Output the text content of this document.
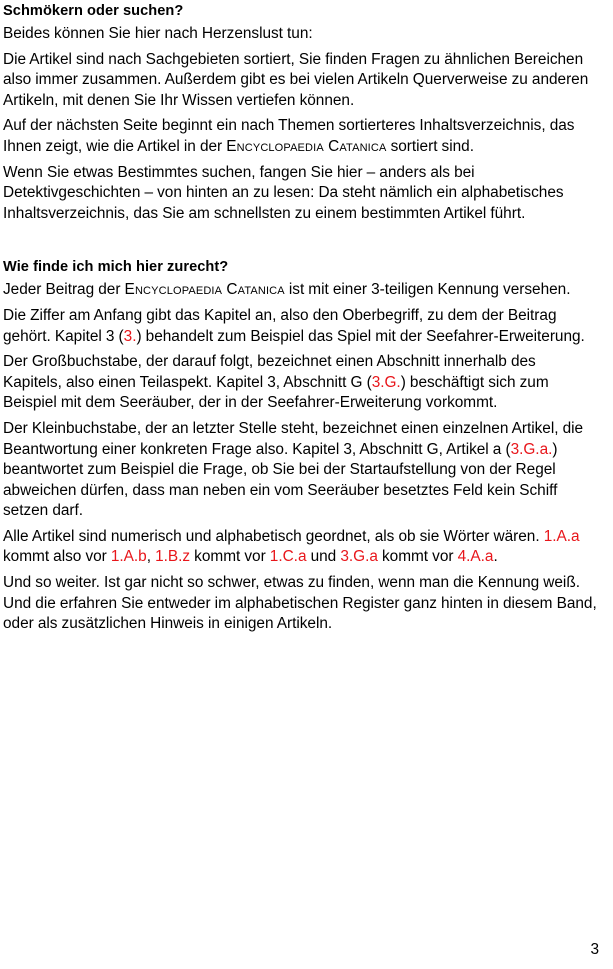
Schmökern oder suchen?

Beides können Sie hier nach Herzenslust tun:

Die Artikel sind nach Sachgebieten sortiert, Sie finden Fragen zu ähnlichen Bereichen also immer zusammen. Außerdem gibt es bei vielen Artikeln Querverweise zu anderen Artikeln, mit denen Sie Ihr Wissen vertiefen können.

Auf der nächsten Seite beginnt ein nach Themen sortierteres Inhaltsverzeichnis, das Ihnen zeigt, wie die Artikel in der Encyclopaedia Catanica sortiert sind.

Wenn Sie etwas Bestimmtes suchen, fangen Sie hier – anders als bei Detektivgeschichten – von hinten an zu lesen: Da steht nämlich ein alphabetisches Inhaltsverzeichnis, das Sie am schnellsten zu einem bestimmten Artikel führt.

Wie finde ich mich hier zurecht?

Jeder Beitrag der Encyclopaedia Catanica ist mit einer 3-teiligen Kennung versehen.

Die Ziffer am Anfang gibt das Kapitel an, also den Oberbegriff, zu dem der Beitrag gehört. Kapitel 3 (3.) behandelt zum Beispiel das Spiel mit der Seefahrer-Erweiterung.

Der Großbuchstabe, der darauf folgt, bezeichnet einen Abschnitt innerhalb des Kapitels, also einen Teilaspekt. Kapitel 3, Abschnitt G (3.G.) beschäftigt sich zum Beispiel mit dem Seeräuber, der in der Seefahrer-Erweiterung vorkommt.

Der Kleinbuchstabe, der an letzter Stelle steht, bezeichnet einen einzelnen Artikel, die Beantwortung einer konkreten Frage also. Kapitel 3, Abschnitt G, Artikel a (3.G.a.) beantwortet zum Beispiel die Frage, ob Sie bei der Startaufstellung von der Regel abweichen dürfen, dass man neben ein vom Seeräuber besetztes Feld kein Schiff setzen darf.

Alle Artikel sind numerisch und alphabetisch geordnet, als ob sie Wörter wären. 1.A.a kommt also vor 1.A.b, 1.B.z kommt vor 1.C.a und 3.G.a kommt vor 4.A.a.

Und so weiter. Ist gar nicht so schwer, etwas zu finden, wenn man die Kennung weiß. Und die erfahren Sie entweder im alphabetischen Register ganz hinten in diesem Band, oder als zusätzlichen Hinweis in einigen Artikeln.

3
